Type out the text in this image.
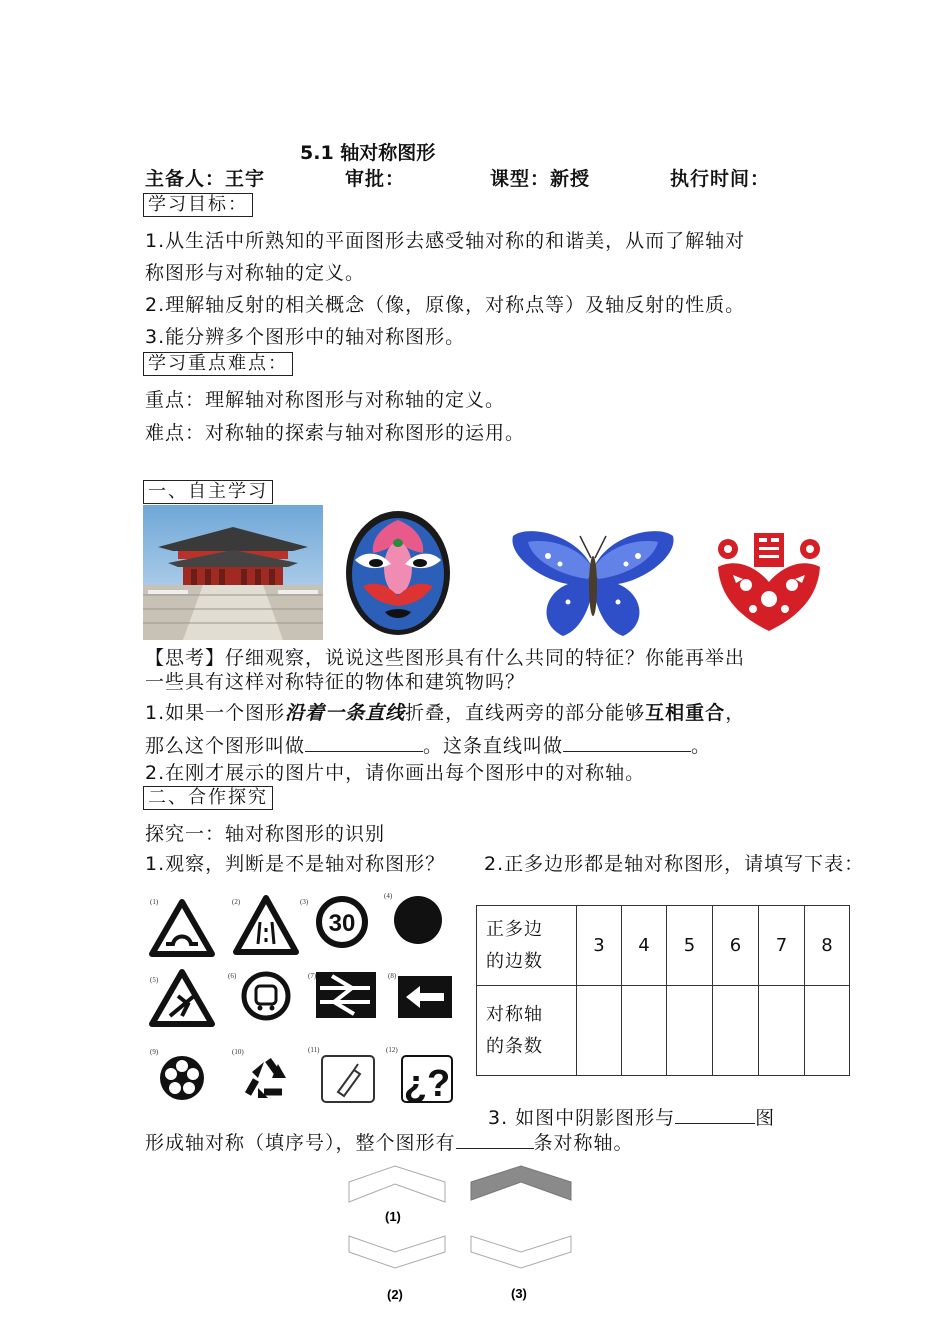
5.1 轴对称图形
主备人：王宇	审批：	课型：新授	执行时间：
学习目标：
1.从生活中所熟知的平面图形去感受轴对称的和谐美，从而了解轴对
称图形与对称轴的定义。
2.理解轴反射的相关概念（像，原像，对称点等）及轴反射的性质。
3.能分辨多个图形中的轴对称图形。
学习重点难点：
重点：理解轴对称图形与对称轴的定义。
难点：对称轴的探索与轴对称图形的运用。
一、自主学习
【思考】仔细观察，说说这些图形具有什么共同的特征？你能再举出
一些具有这样对称特征的物体和建筑物吗？
1.如果一个图形沿着一条直线折叠，直线两旁的部分能够互相重合，
那么这个图形叫做	。这条直线叫做	。
2.在刚才展示的图片中，请你画出每个图形中的对称轴。
二、合作探究
探究一：轴对称图形的识别
1.观察，判断是不是轴对称图形？ 2.正多边形都是轴对称图形，请填写下表：
(1)	(2)	(3)
(4)
(5)	(6)	(7)	(8)
(9)	(10)	(11)	(12)
30
¿?
正多边
的边数	3	4	5	6	7	8

对称轴
的条数						

3. 如图中阴影图形与	图
形成轴对称（填序号），整个图形有	条对称轴。
(1)
(2)	(3)
